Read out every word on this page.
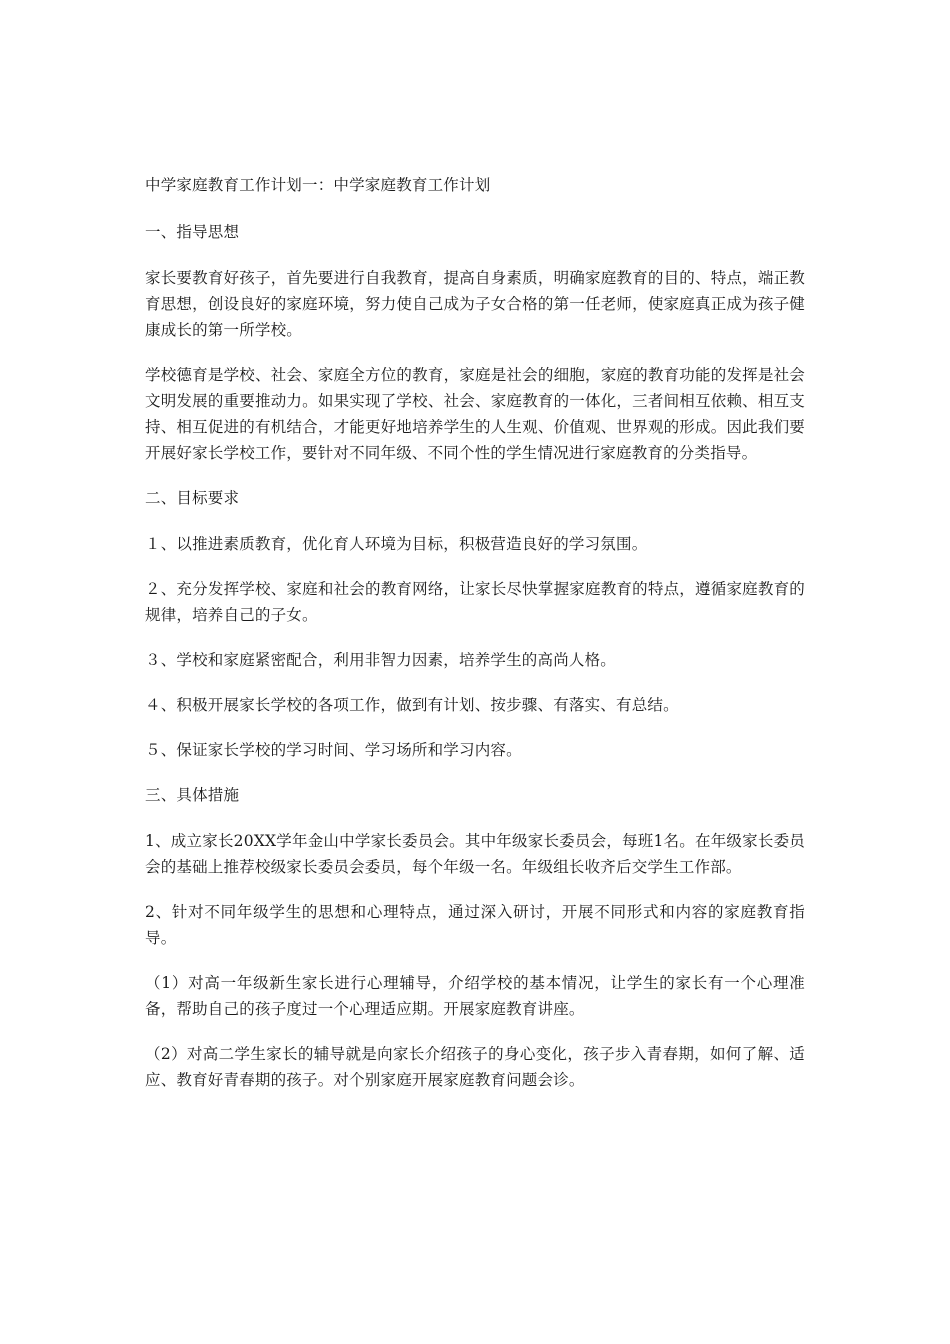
中学家庭教育工作计划一：中学家庭教育工作计划

一、指导思想

家长要教育好孩子，首先要进行自我教育，提高自身素质，明确家庭教育的目的、特点，端正教育思想，创设良好的家庭环境，努力使自己成为子女合格的第一任老师，使家庭真正成为孩子健康成长的第一所学校。

学校德育是学校、社会、家庭全方位的教育，家庭是社会的细胞，家庭的教育功能的发挥是社会文明发展的重要推动力。如果实现了学校、社会、家庭教育的一体化，三者间相互依赖、相互支持、相互促进的有机结合，才能更好地培养学生的人生观、价值观、世界观的形成。因此我们要开展好家长学校工作，要针对不同年级、不同个性的学生情况进行家庭教育的分类指导。

二、目标要求

１、以推进素质教育，优化育人环境为目标，积极营造良好的学习氛围。

２、充分发挥学校、家庭和社会的教育网络，让家长尽快掌握家庭教育的特点，遵循家庭教育的规律，培养自己的子女。

３、学校和家庭紧密配合，利用非智力因素，培养学生的高尚人格。

４、积极开展家长学校的各项工作，做到有计划、按步骤、有落实、有总结。

５、保证家长学校的学习时间、学习场所和学习内容。

三、具体措施

1、成立家长20XX学年金山中学家长委员会。其中年级家长委员会，每班1名。在年级家长委员会的基础上推荐校级家长委员会委员，每个年级一名。年级组长收齐后交学生工作部。

2、针对不同年级学生的思想和心理特点，通过深入研讨，开展不同形式和内容的家庭教育指导。

（1）对高一年级新生家长进行心理辅导，介绍学校的基本情况，让学生的家长有一个心理准备，帮助自己的孩子度过一个心理适应期。开展家庭教育讲座。

（2）对高二学生家长的辅导就是向家长介绍孩子的身心变化，孩子步入青春期，如何了解、适应、教育好青春期的孩子。对个别家庭开展家庭教育问题会诊。
